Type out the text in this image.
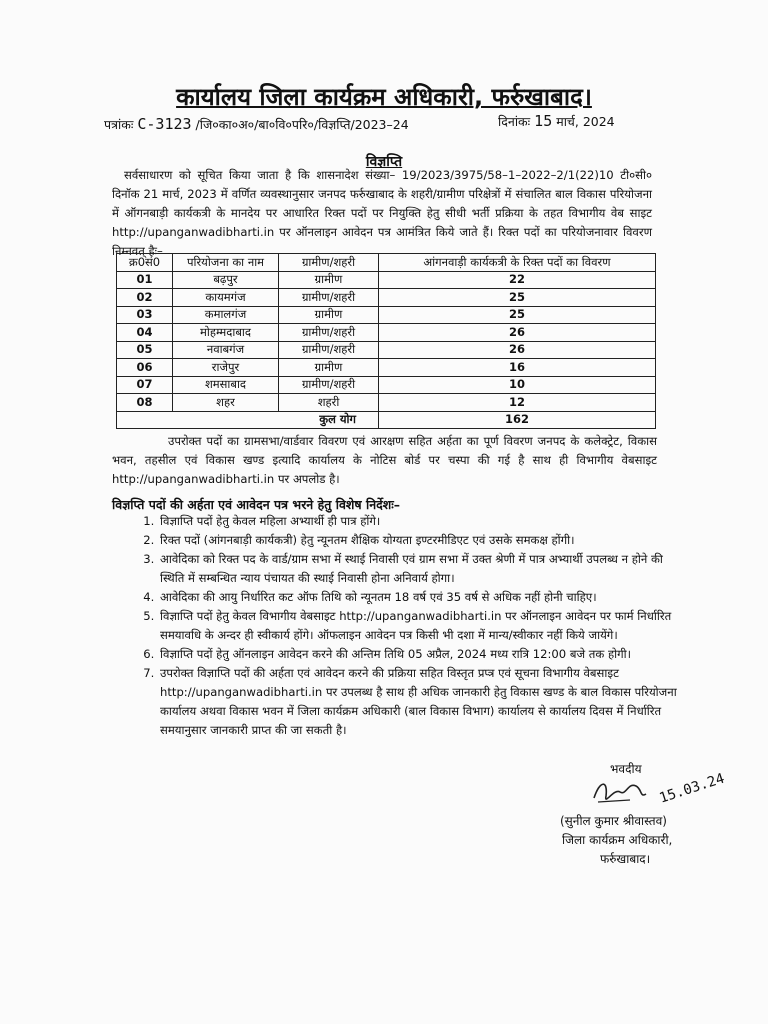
कार्यालय जिला कार्यक्रम अधिकारी, फर्रुखाबाद।
पत्रांकः C-3123 /जि०का०अ०/बा०वि०परि०/विज्ञप्ति/2023–24	दिनांकः 15 मार्च, 2024
विज्ञप्ति
सर्वसाधारण को सूचित किया जाता है कि शासनादेश संख्या– 19/2023/3975/58–1–2022–2/1(22)10 टी०सी० दिनॉक 21 मार्च, 2023 में वर्णित व्यवस्थानुसार जनपद फर्रुखाबाद के शहरी/ग्रामीण परिक्षेत्रों में संचालित बाल विकास परियोजना में ऑगनबाड़ी कार्यकत्री के मानदेय पर आधारित रिक्त पदों पर नियुक्ति हेतु सीधी भर्ती प्रक्रिया के तहत विभागीय वेब साइट http://upanganwadibharti.in पर ऑनलाइन आवेदन पत्र आमंत्रित किये जाते हैं। रिक्त पदों का परियोजनावार विवरण निम्नवत् हैः–
क्र0सं0	परियोजना का नाम	ग्रामीण/शहरी	आंगनवाड़ी कार्यकत्री के रिक्त पदों का विवरण
01	बढ़पुर	ग्रामीण	22
02	कायमगंज	ग्रामीण/शहरी	25
03	कमालगंज	ग्रामीण	25
04	मोहम्मदाबाद	ग्रामीण/शहरी	26
05	नवाबगंज	ग्रामीण/शहरी	26
06	राजेपुर	ग्रामीण	16
07	शमसाबाद	ग्रामीण/शहरी	10
08	शहर	शहरी	12
कुल योग			162
उपरोक्त पदों का ग्रामसभा/वार्डवार विवरण एवं आरक्षण सहित अर्हता का पूर्ण विवरण जनपद के कलेक्ट्रेट, विकास भवन, तहसील एवं विकास खण्ड इत्यादि कार्यालय के नोटिस बोर्ड पर चस्पा की गई है साथ ही विभागीय वेबसाइट http://upanganwadibharti.in पर अपलोड है।
विज्ञप्ति पदों की अर्हता एवं आवेदन पत्र भरने हेतु विशेष निर्देशः–
1. विज्ञाप्ति पदों हेतु केवल महिला अभ्यार्थी ही पात्र होंगे।
2. रिक्त पदों (आंगनबाड़ी कार्यकत्री) हेतु न्यूनतम शैक्षिक योग्यता इण्टरमीडिएट एवं उसके समकक्ष होंगी।
3. आवेदिका को रिक्त पद के वार्ड/ग्राम सभा में स्थाई निवासी एवं ग्राम सभा में उक्त श्रेणी में पात्र अभ्यार्थी उपलब्ध न होने की स्थिति में सम्बन्धित न्याय पंचायत की स्थाई निवासी होना अनिवार्य होगा।
4. आवेदिका की आयु निर्धारित कट ऑफ तिथि को न्यूनतम 18 वर्ष एवं 35 वर्ष से अधिक नहीं होनी चाहिए।
5. विज्ञाप्ति पदों हेतु केवल विभागीय वेबसाइट http://upanganwadibharti.in पर ऑनलाइन आवेदन पर फार्म निर्धारित समयावधि के अन्दर ही स्वीकार्य होंगे। ऑफलाइन आवेदन पत्र किसी भी दशा में मान्य/स्वीकार नहीं किये जायेंगे।
6. विज्ञाप्ति पदों हेतु ऑनलाइन आवेदन करने की अन्तिम तिथि 05 अप्रैल, 2024 मध्य रात्रि 12:00 बजे तक होगी।
7. उपरोक्त विज्ञाप्ति पदों की अर्हता एवं आवेदन करने की प्रक्रिया सहित विस्तृत प्रप्त्र एवं सूचना विभागीय वेबसाइट http://upanganwadibharti.in पर उपलब्ध है साथ ही अधिक जानकारी हेतु विकास खण्ड के बाल विकास परियोजना कार्यालय अथवा विकास भवन में जिला कार्यक्रम अधिकारी (बाल विकास विभाग) कार्यालय से कार्यालय दिवस में निर्धारित समयानुसार जानकारी प्राप्त की जा सकती है।
भवदीय
15.03.24
(सुनील कुमार श्रीवास्तव)
जिला कार्यक्रम अधिकारी,
फर्रुखाबाद।
